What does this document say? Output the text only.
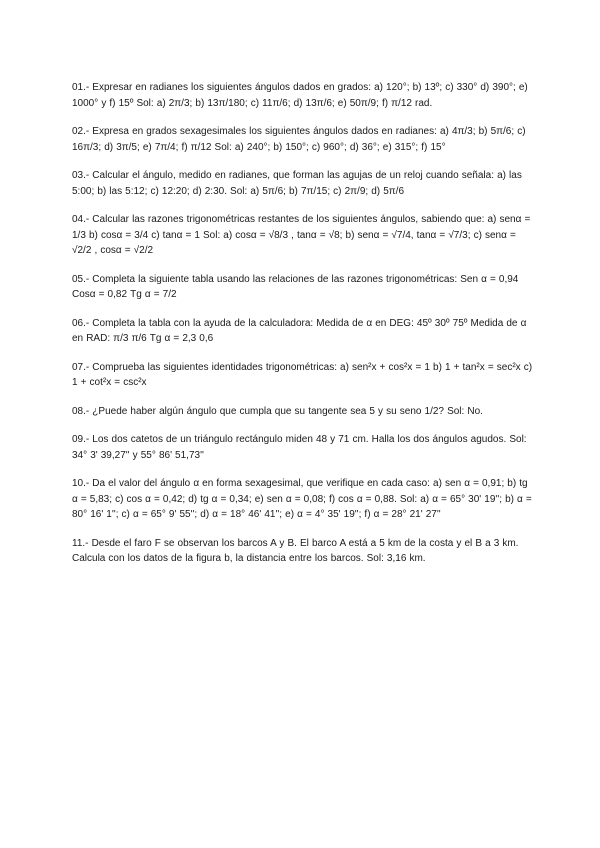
01.- Expresar en radianes los siguientes ángulos dados en grados: a) 120°; b) 13º; c) 330° d) 390°; e) 1000° y f) 15º Sol: a) 2π/3; b) 13π/180; c) 11π/6; d) 13π/6; e) 50π/9; f) π/12 rad.

02.- Expresa en grados sexagesimales los siguientes ángulos dados en radianes: a) 4π/3; b) 5π/6; c) 16π/3; d) 3π/5; e) 7π/4; f) π/12 Sol: a) 240°; b) 150°; c) 960°; d) 36°; e) 315°; f) 15°

03.- Calcular el ángulo, medido en radianes, que forman las agujas de un reloj cuando señala: a) las 5:00; b) las 5:12; c) 12:20; d) 2:30. Sol: a) 5π/6; b) 7π/15; c) 2π/9; d) 5π/6

04.- Calcular las razones trigonométricas restantes de los siguientes ángulos, sabiendo que: a) senα = 1/3 b) cosα = 3/4 c) tanα = 1 Sol: a) cosα = √8/3 , tanα = √8; b) senα = √7/4, tanα = √7/3; c) senα = √2/2 , cosα = √2/2

05.- Completa la siguiente tabla usando las relaciones de las razones trigonométricas: Sen α = 0,94 Cosα = 0,82 Tg α = 7/2

06.- Completa la tabla con la ayuda de la calculadora: Medida de α en DEG: 45º 30º 75º Medida de α en RAD: π/3 π/6 Tg α = 2,3 0,6

07.- Comprueba las siguientes identidades trigonométricas: a) sen²x + cos²x = 1 b) 1 + tan²x = sec²x c) 1 + cot²x = csc²x

08.- ¿Puede haber algún ángulo que cumpla que su tangente sea 5 y su seno 1/2? Sol: No.

09.- Los dos catetos de un triángulo rectángulo miden 48 y 71 cm. Halla los dos ángulos agudos. Sol: 34° 3' 39,27'' y 55° 86' 51,73''

10.- Da el valor del ángulo α en forma sexagesimal, que verifique en cada caso: a) sen α = 0,91; b) tg α = 5,83; c) cos α = 0,42; d) tg α = 0,34; e) sen α = 0,08; f) cos α = 0,88. Sol: a) α = 65° 30' 19''; b) α = 80° 16' 1''; c) α = 65° 9' 55''; d) α = 18° 46' 41''; e) α = 4° 35' 19''; f) α = 28° 21' 27''

11.- Desde el faro F se observan los barcos A y B. El barco A está a 5 km de la costa y el B a 3 km. Calcula con los datos de la figura b, la distancia entre los barcos. Sol: 3,16 km.
